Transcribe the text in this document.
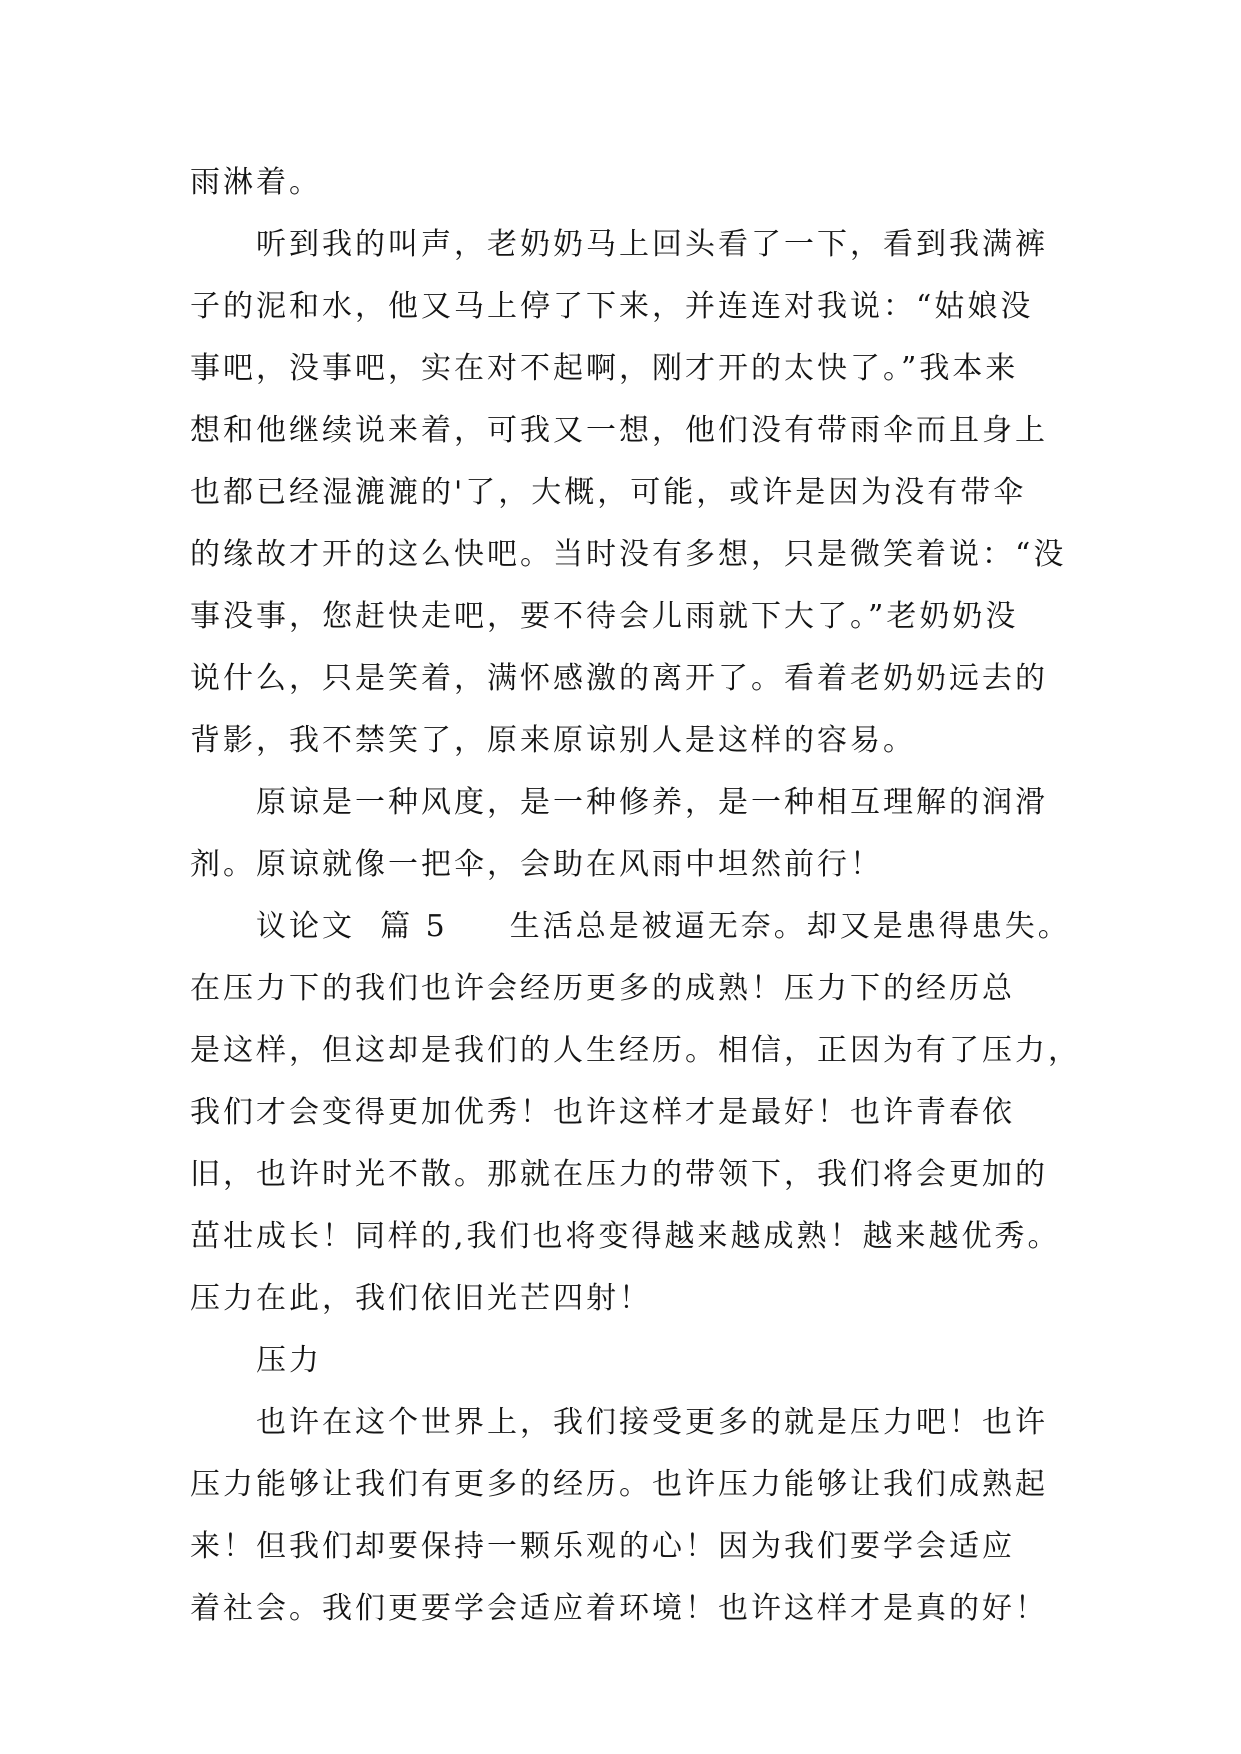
雨淋着。
听到我的叫声，老奶奶马上回头看了一下，看到我满裤
子的泥和水，他又马上停了下来，并连连对我说：“姑娘没
事吧，没事吧，实在对不起啊，刚才开的太快了。”我本来
想和他继续说来着，可我又一想，他们没有带雨伞而且身上
也都已经湿漉漉的'了，大概，可能，或许是因为没有带伞
的缘故才开的这么快吧。当时没有多想，只是微笑着说：“没
事没事，您赶快走吧，要不待会儿雨就下大了。”老奶奶没
说什么，只是笑着，满怀感激的离开了。看着老奶奶远去的
背影，我不禁笑了，原来原谅别人是这样的容易。
原谅是一种风度，是一种修养，是一种相互理解的润滑
剂。原谅就像一把伞，会助在风雨中坦然前行！
议论文  篇 5 生活总是被逼无奈。却又是患得患失。
在压力下的我们也许会经历更多的成熟！压力下的经历总
是这样，但这却是我们的人生经历。相信，正因为有了压力，
我们才会变得更加优秀！也许这样才是最好！也许青春依
旧，也许时光不散。那就在压力的带领下，我们将会更加的
茁壮成长！同样的,我们也将变得越来越成熟！越来越优秀。
压力在此，我们依旧光芒四射！
压力
也许在这个世界上，我们接受更多的就是压力吧！也许
压力能够让我们有更多的经历。也许压力能够让我们成熟起
来！但我们却要保持一颗乐观的心！因为我们要学会适应
着社会。我们更要学会适应着环境！也许这样才是真的好！
